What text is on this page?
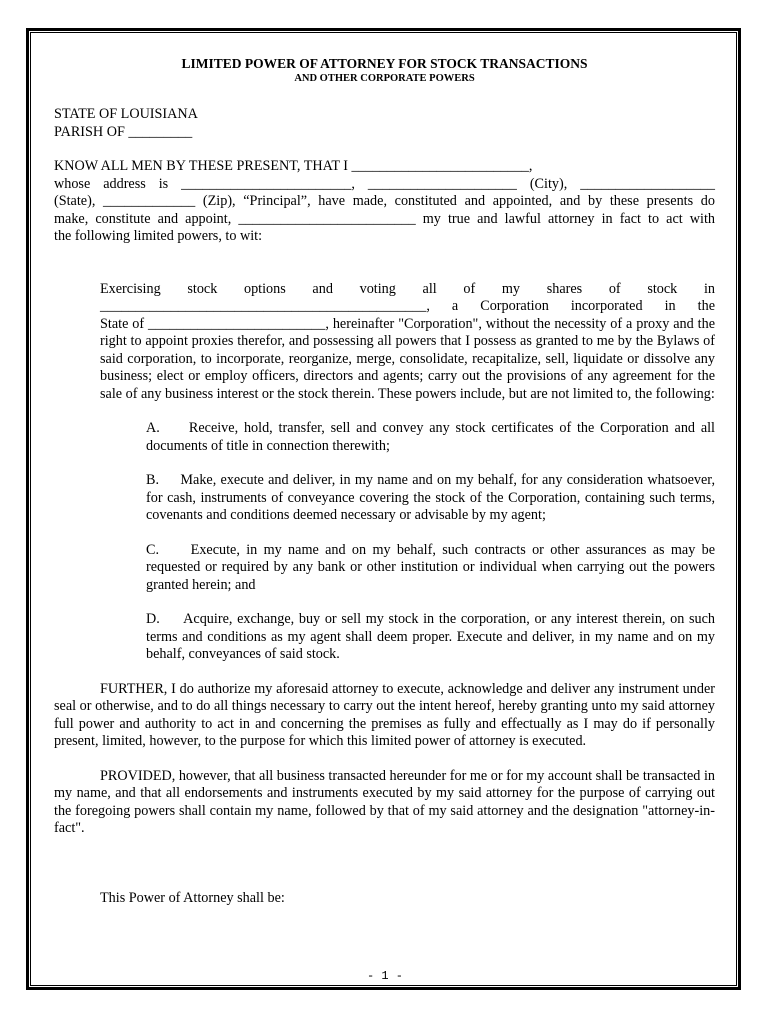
LIMITED POWER OF ATTORNEY FOR STOCK TRANSACTIONS

AND OTHER CORPORATE POWERS

STATE OF LOUISIANA

PARISH OF _________

KNOW ALL MEN BY THESE PRESENT, THAT I _________________________,

whose address is ________________________, _____________________ (City), ___________________

(State), _____________ (Zip), “Principal”, have made, constituted and appointed, and by these presents do

make, constitute and appoint, _________________________ my true and lawful attorney in fact to act with

the following limited powers, to wit:

Exercising stock options and voting all of my shares of stock in

______________________________________________, a Corporation incorporated in the

State of _________________________, hereinafter "Corporation", without the necessity of a proxy and the right to appoint proxies therefor, and possessing all powers that I possess as granted to me by the Bylaws of said corporation, to incorporate, reorganize, merge, consolidate, recapitalize, sell, liquidate or dissolve any business; elect or employ officers, directors and agents; carry out the provisions of any agreement for the sale of any business interest or the stock therein. These powers include, but are not limited to, the following:

A. Receive, hold, transfer, sell and convey any stock certificates of the Corporation and all documents of title in connection therewith;

B. Make, execute and deliver, in my name and on my behalf, for any consideration whatsoever, for cash, instruments of conveyance covering the stock of the Corporation, containing such terms, covenants and conditions deemed necessary or advisable by my agent;

C. Execute, in my name and on my behalf, such contracts or other assurances as may be requested or required by any bank or other institution or individual when carrying out the powers granted herein; and

D. Acquire, exchange, buy or sell my stock in the corporation, or any interest therein, on such terms and conditions as my agent shall deem proper. Execute and deliver, in my name and on my behalf, conveyances of said stock.

FURTHER, I do authorize my aforesaid attorney to execute, acknowledge and deliver any instrument under seal or otherwise, and to do all things necessary to carry out the intent hereof, hereby granting unto my said attorney full power and authority to act in and concerning the premises as fully and effectually as I may do if personally present, limited, however, to the purpose for which this limited power of attorney is executed.

PROVIDED, however, that all business transacted hereunder for me or for my account shall be transacted in my name, and that all endorsements and instruments executed by my said attorney for the purpose of carrying out the foregoing powers shall contain my name, followed by that of my said attorney and the designation "attorney-in-fact".

This Power of Attorney shall be:

- 1 -
